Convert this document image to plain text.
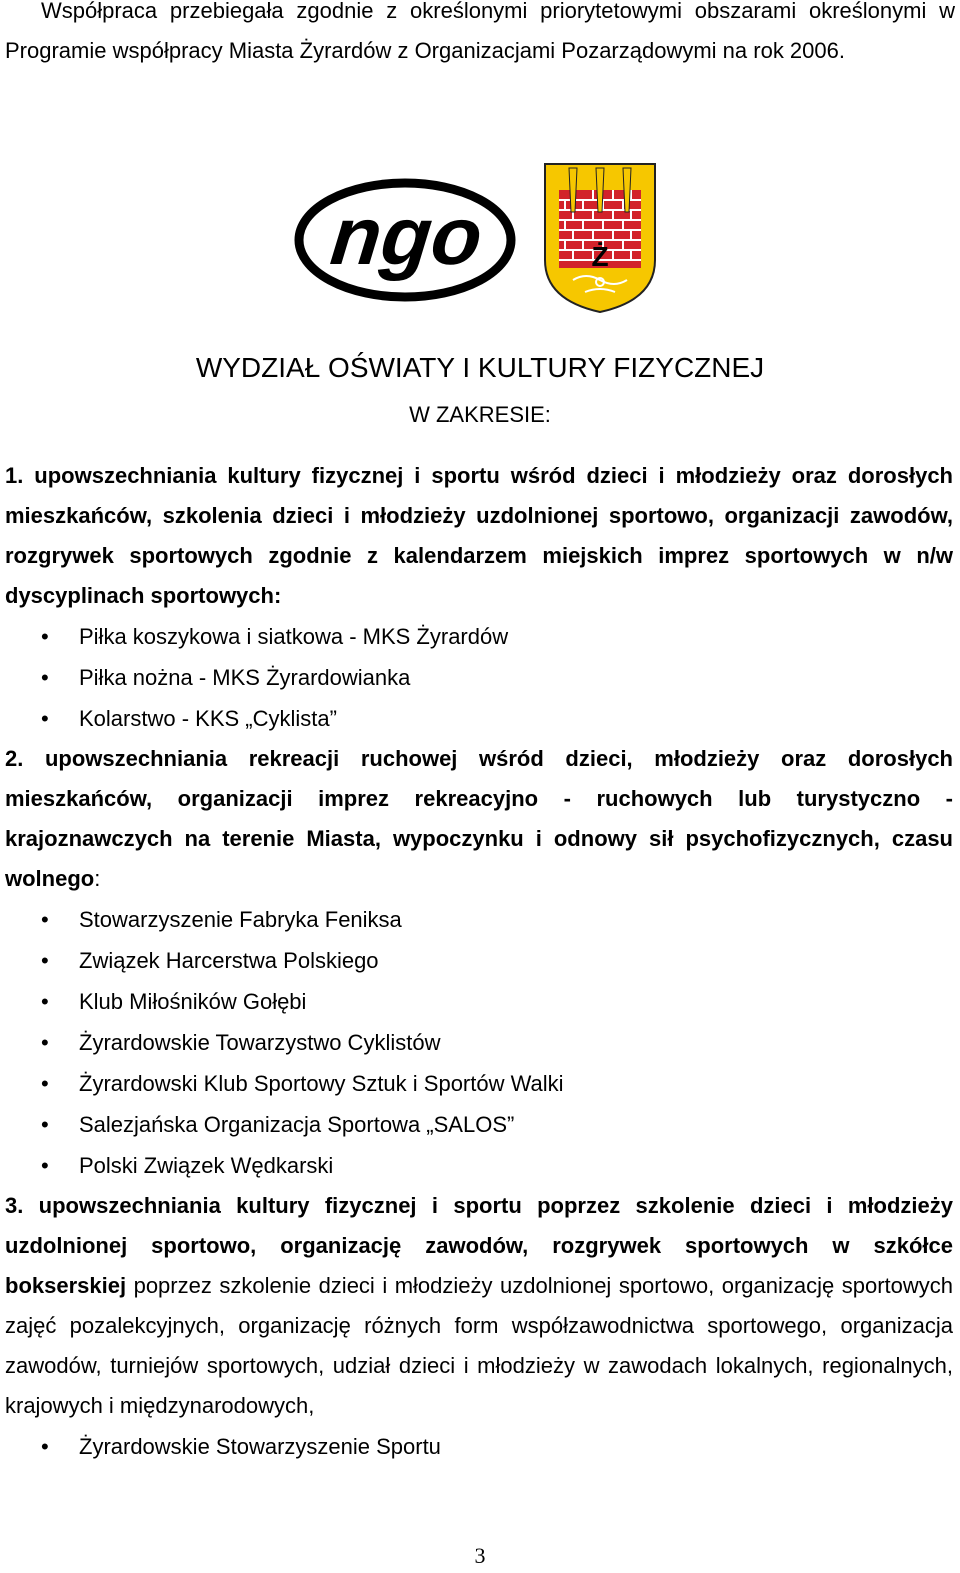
Współpraca przebiegała zgodnie z określonymi priorytetowymi obszarami określonymi w Programie współpracy Miasta Żyrardów z Organizacjami Pozarządowymi na rok 2006.

ngo	Ż
WYDZIAŁ OŚWIATY I KULTURY FIZYCZNEJ
W ZAKRESIE:

1. upowszechniania kultury fizycznej i sportu wśród dzieci i młodzieży oraz dorosłych mieszkańców, szkolenia dzieci i młodzieży uzdolnionej sportowo, organizacji zawodów, rozgrywek sportowych zgodnie z kalendarzem miejskich imprez sportowych w n/w dyscyplinach sportowych:

• Piłka koszykowa i siatkowa - MKS Żyrardów
• Piłka nożna - MKS Żyrardowianka
• Kolarstwo - KKS „Cyklista”

2. upowszechniania rekreacji ruchowej wśród dzieci, młodzieży oraz dorosłych mieszkańców, organizacji imprez rekreacyjno - ruchowych lub turystyczno - krajoznawczych na terenie Miasta, wypoczynku i odnowy sił psychofizycznych, czasu wolnego:

• Stowarzyszenie Fabryka Feniksa
• Związek Harcerstwa Polskiego
• Klub Miłośników Gołębi
• Żyrardowskie Towarzystwo Cyklistów
• Żyrardowski Klub Sportowy Sztuk i Sportów Walki
• Salezjańska Organizacja Sportowa „SALOS”
• Polski Związek Wędkarski

3. upowszechniania kultury fizycznej i sportu poprzez szkolenie dzieci i młodzieży uzdolnionej sportowo, organizację zawodów, rozgrywek sportowych w szkółce bokserskiej poprzez szkolenie dzieci i młodzieży uzdolnionej sportowo, organizację sportowych zajęć pozalekcyjnych, organizację różnych form współzawodnictwa sportowego, organizacja zawodów, turniejów sportowych, udział dzieci i młodzieży w zawodach lokalnych, regionalnych, krajowych i międzynarodowych,

• Żyrardowskie Stowarzyszenie Sportu
3
